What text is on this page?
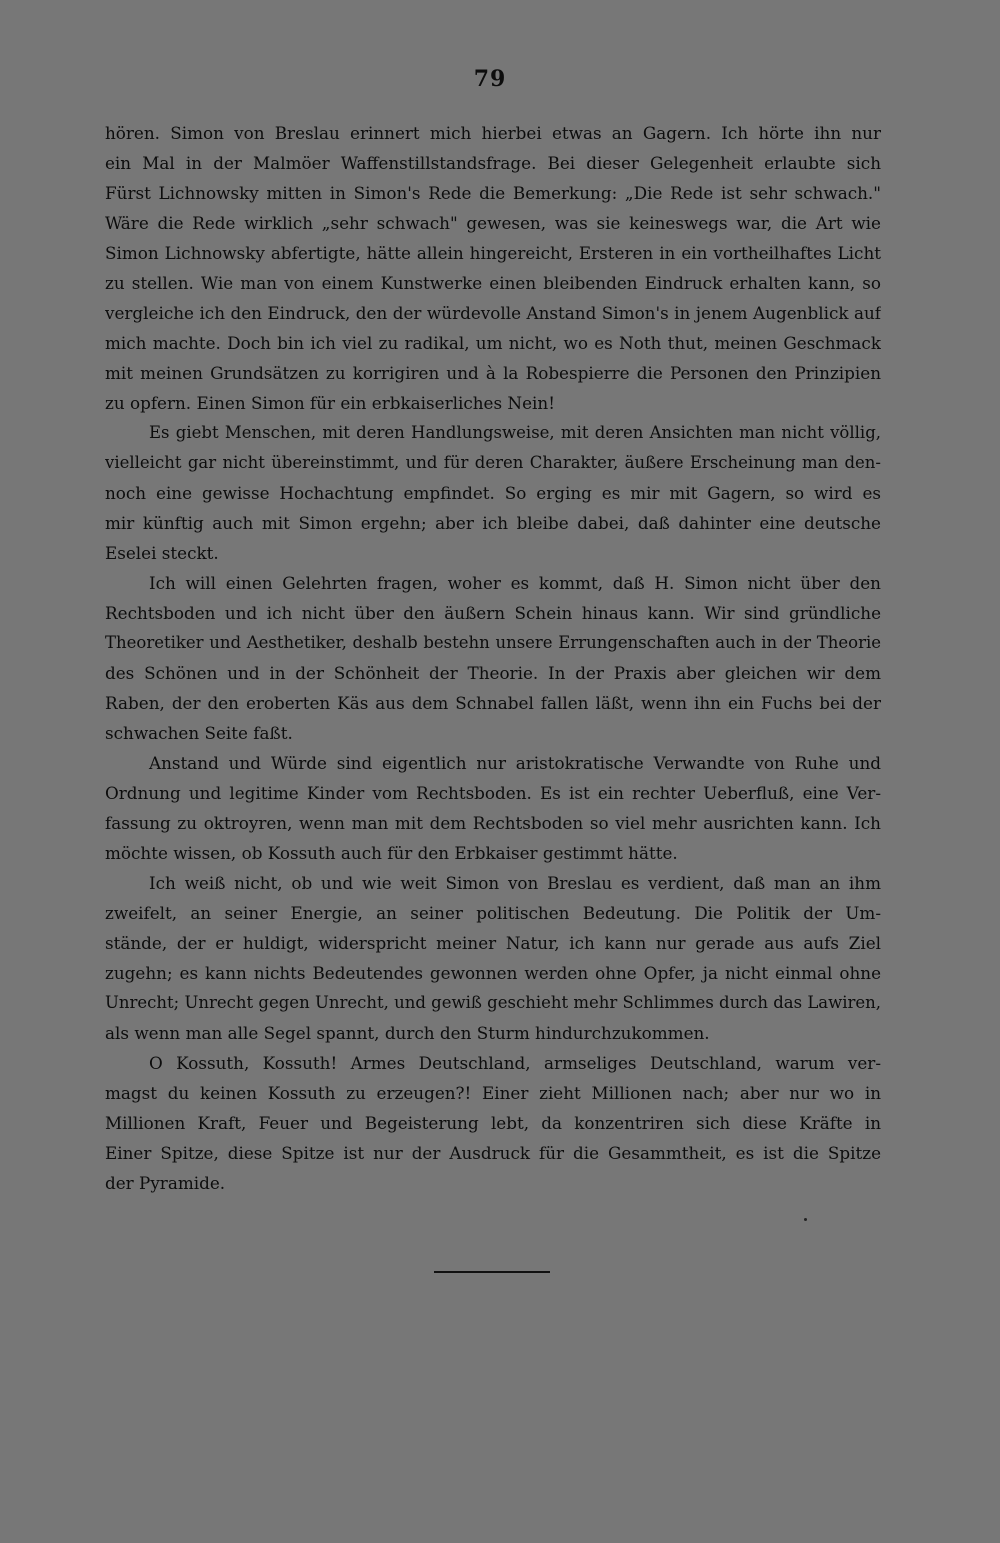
79
hören. Simon von Breslau erinnert mich hierbei etwas an Gagern. Ich hörte ihn nur
ein Mal in der Malmöer Waffenstillstandsfrage. Bei dieser Gelegenheit erlaubte sich
Fürst Lichnowsky mitten in Simon's Rede die Bemerkung: „Die Rede ist sehr schwach."
Wäre die Rede wirklich „sehr schwach" gewesen, was sie keineswegs war, die Art wie
Simon Lichnowsky abfertigte, hätte allein hingereicht, Ersteren in ein vortheilhaftes Licht
zu stellen. Wie man von einem Kunstwerke einen bleibenden Eindruck erhalten kann, so
vergleiche ich den Eindruck, den der würdevolle Anstand Simon's in jenem Augenblick auf
mich machte. Doch bin ich viel zu radikal, um nicht, wo es Noth thut, meinen Geschmack
mit meinen Grundsätzen zu korrigiren und à la Robespierre die Personen den Prinzipien
zu opfern. Einen Simon für ein erbkaiserliches Nein!
Es giebt Menschen, mit deren Handlungsweise, mit deren Ansichten man nicht völlig,
vielleicht gar nicht übereinstimmt, und für deren Charakter, äußere Erscheinung man den-
noch eine gewisse Hochachtung empfindet. So erging es mir mit Gagern, so wird es
mir künftig auch mit Simon ergehn; aber ich bleibe dabei, daß dahinter eine deutsche
Eselei steckt.
Ich will einen Gelehrten fragen, woher es kommt, daß H. Simon nicht über den
Rechtsboden und ich nicht über den äußern Schein hinaus kann. Wir sind gründliche
Theoretiker und Aesthetiker, deshalb bestehn unsere Errungenschaften auch in der Theorie
des Schönen und in der Schönheit der Theorie. In der Praxis aber gleichen wir dem
Raben, der den eroberten Käs aus dem Schnabel fallen läßt, wenn ihn ein Fuchs bei der
schwachen Seite faßt.
Anstand und Würde sind eigentlich nur aristokratische Verwandte von Ruhe und
Ordnung und legitime Kinder vom Rechtsboden. Es ist ein rechter Ueberfluß, eine Ver-
fassung zu oktroyren, wenn man mit dem Rechtsboden so viel mehr ausrichten kann. Ich
möchte wissen, ob Kossuth auch für den Erbkaiser gestimmt hätte.
Ich weiß nicht, ob und wie weit Simon von Breslau es verdient, daß man an ihm
zweifelt, an seiner Energie, an seiner politischen Bedeutung. Die Politik der Um-
stände, der er huldigt, widerspricht meiner Natur, ich kann nur gerade aus aufs Ziel
zugehn; es kann nichts Bedeutendes gewonnen werden ohne Opfer, ja nicht einmal ohne
Unrecht; Unrecht gegen Unrecht, und gewiß geschieht mehr Schlimmes durch das Lawiren,
als wenn man alle Segel spannt, durch den Sturm hindurchzukommen.
O Kossuth, Kossuth! Armes Deutschland, armseliges Deutschland, warum ver-
magst du keinen Kossuth zu erzeugen?! Einer zieht Millionen nach; aber nur wo in
Millionen Kraft, Feuer und Begeisterung lebt, da konzentriren sich diese Kräfte in
Einer Spitze, diese Spitze ist nur der Ausdruck für die Gesammtheit, es ist die Spitze
der Pyramide.
